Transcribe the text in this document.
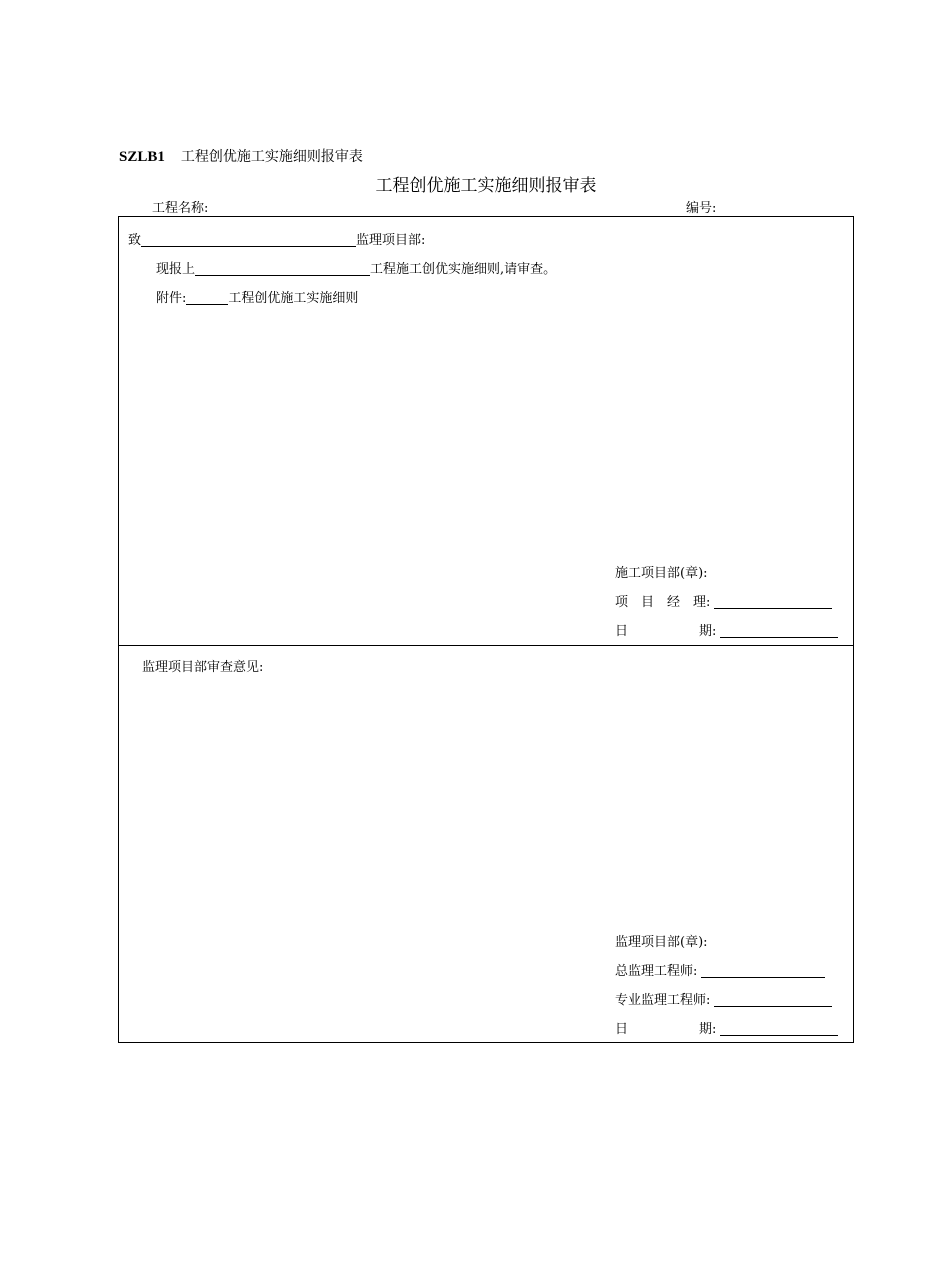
SZLB1 工程创优施工实施细则报审表
工程创优施工实施细则报审表
工程名称:	编号:
致	监理项目部:
现报上	工程施工创优实施细则,请审查。
附件:	工程创优施工实施细则
施工项目部(章):
项　目　经　理:
日	期:
监理项目部审查意见:
监理项目部(章):
总监理工程师:
专业监理工程师:
日	期:
